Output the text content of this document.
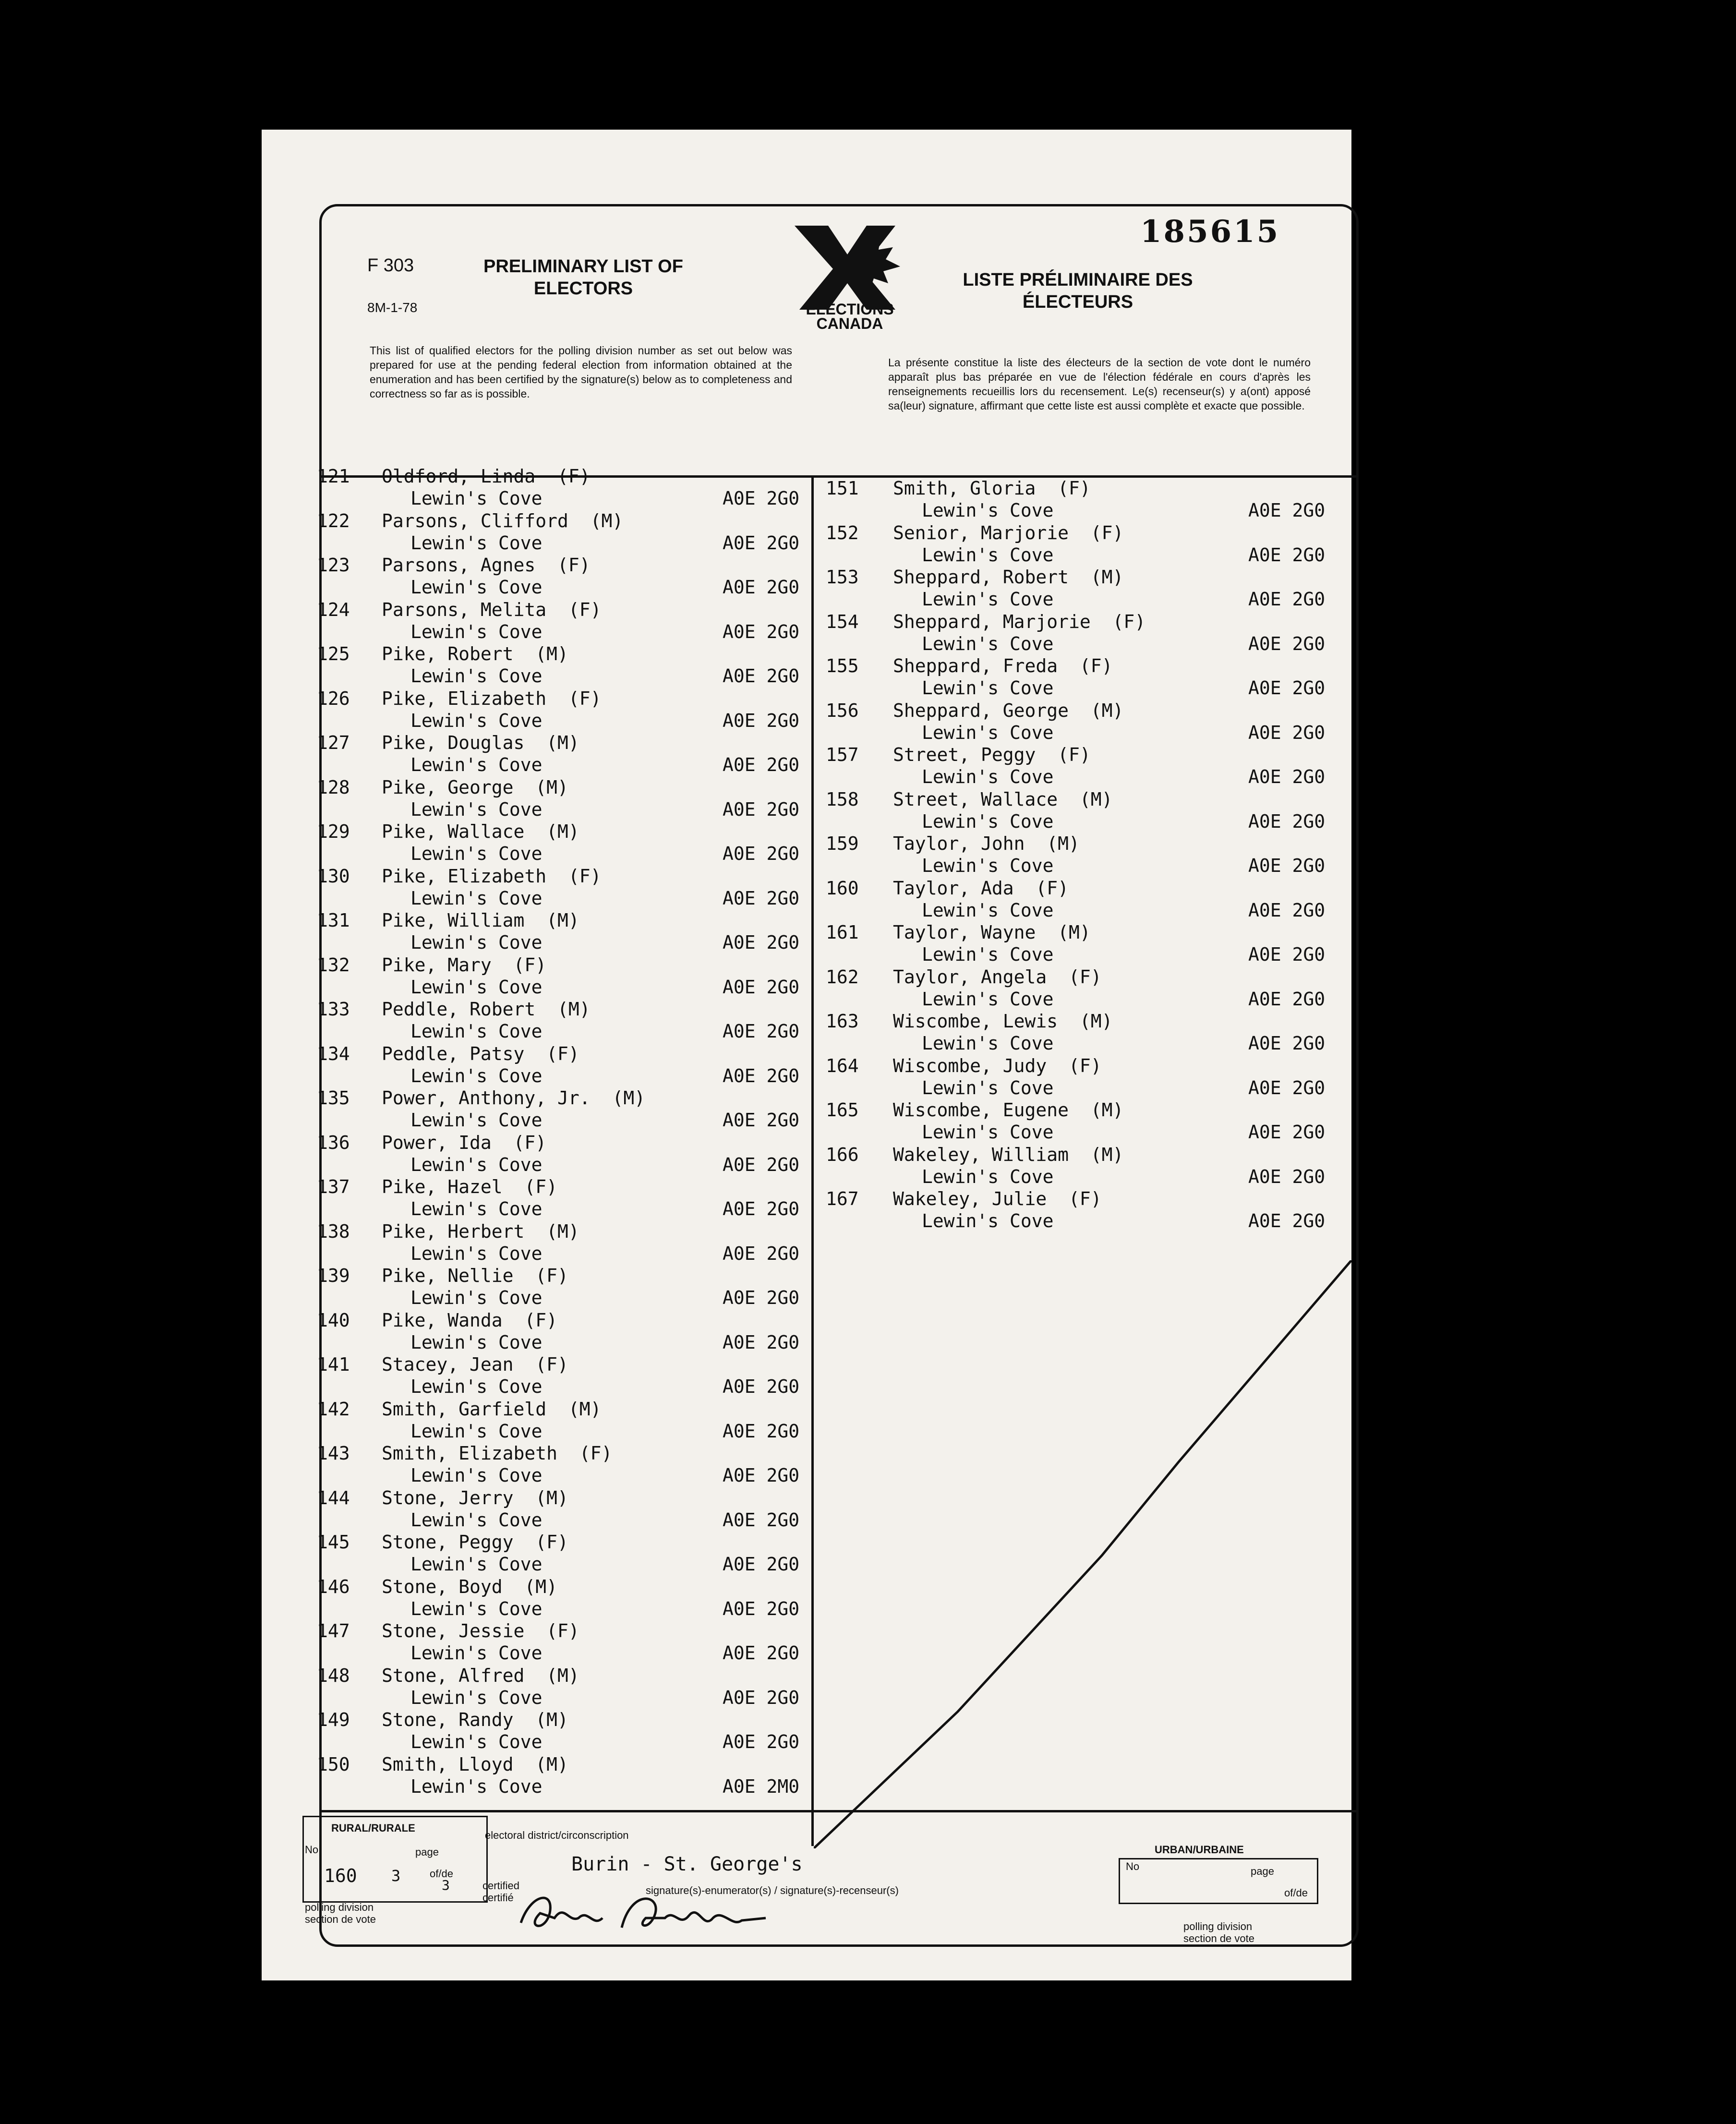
185615
F 303
8M-1-78
PRELIMINARY LIST OF ELECTORS	LISTE PRÉLIMINAIRE DES ÉLECTEURS
ELECTIONS
CANADA
This list of qualified electors for the polling division number as set out below was prepared for use at the pending federal election from information obtained at the enumeration and has been certified by the signature(s) below as to completeness and correctness so far as is possible.
La présente constitue la liste des électeurs de la section de vote dont le numéro apparaît plus bas préparée en vue de l'élection fédérale en cours d'après les renseignements recueillis lors du recensement. Le(s) recenseur(s) y a(ont) apposé sa(leur) signature, affirmant que cette liste est aussi complète et exacte que possible.
121 Oldford, Linda  (F)
Lewin's Cove	A0E 2G0
122 Parsons, Clifford  (M)
Lewin's Cove	A0E 2G0
123 Parsons, Agnes  (F)
Lewin's Cove	A0E 2G0
124 Parsons, Melita  (F)
Lewin's Cove	A0E 2G0
125 Pike, Robert  (M)
Lewin's Cove	A0E 2G0
126 Pike, Elizabeth  (F)
Lewin's Cove	A0E 2G0
127 Pike, Douglas  (M)
Lewin's Cove	A0E 2G0
128 Pike, George  (M)
Lewin's Cove	A0E 2G0
129 Pike, Wallace  (M)
Lewin's Cove	A0E 2G0
130 Pike, Elizabeth  (F)
Lewin's Cove	A0E 2G0
131 Pike, William  (M)
Lewin's Cove	A0E 2G0
132 Pike, Mary  (F)
Lewin's Cove	A0E 2G0
133 Peddle, Robert  (M)
Lewin's Cove	A0E 2G0
134 Peddle, Patsy  (F)
Lewin's Cove	A0E 2G0
135 Power, Anthony, Jr.  (M)
Lewin's Cove	A0E 2G0
136 Power, Ida  (F)
Lewin's Cove	A0E 2G0
137 Pike, Hazel  (F)
Lewin's Cove	A0E 2G0
138 Pike, Herbert  (M)
Lewin's Cove	A0E 2G0
139 Pike, Nellie  (F)
Lewin's Cove	A0E 2G0
140 Pike, Wanda  (F)
Lewin's Cove	A0E 2G0
141 Stacey, Jean  (F)
Lewin's Cove	A0E 2G0
142 Smith, Garfield  (M)
Lewin's Cove	A0E 2G0
143 Smith, Elizabeth  (F)
Lewin's Cove	A0E 2G0
144 Stone, Jerry  (M)
Lewin's Cove	A0E 2G0
145 Stone, Peggy  (F)
Lewin's Cove	A0E 2G0
146 Stone, Boyd  (M)
Lewin's Cove	A0E 2G0
147 Stone, Jessie  (F)
Lewin's Cove	A0E 2G0
148 Stone, Alfred  (M)
Lewin's Cove	A0E 2G0
149 Stone, Randy  (M)
Lewin's Cove	A0E 2G0
150 Smith, Lloyd  (M)
Lewin's Cove	A0E 2M0
151 Smith, Gloria  (F)
Lewin's Cove	A0E 2G0
152 Senior, Marjorie  (F)
Lewin's Cove	A0E 2G0
153 Sheppard, Robert  (M)
Lewin's Cove	A0E 2G0
154 Sheppard, Marjorie  (F)
Lewin's Cove	A0E 2G0
155 Sheppard, Freda  (F)
Lewin's Cove	A0E 2G0
156 Sheppard, George  (M)
Lewin's Cove	A0E 2G0
157 Street, Peggy  (F)
Lewin's Cove	A0E 2G0
158 Street, Wallace  (M)
Lewin's Cove	A0E 2G0
159 Taylor, John  (M)
Lewin's Cove	A0E 2G0
160 Taylor, Ada  (F)
Lewin's Cove	A0E 2G0
161 Taylor, Wayne  (M)
Lewin's Cove	A0E 2G0
162 Taylor, Angela  (F)
Lewin's Cove	A0E 2G0
163 Wiscombe, Lewis  (M)
Lewin's Cove	A0E 2G0
164 Wiscombe, Judy  (F)
Lewin's Cove	A0E 2G0
165 Wiscombe, Eugene  (M)
Lewin's Cove	A0E 2G0
166 Wakeley, William  (M)
Lewin's Cove	A0E 2G0
167 Wakeley, Julie  (F)
Lewin's Cove	A0E 2G0
RURAL/RURALE
No	page
of/de
160 3
3
polling division
section de vote
electoral district/circonscription
Burin - St. George's
certified
certifié
signature(s)-enumerator(s) / signature(s)-recenseur(s)
URBAN/URBAINE
No	page
of/de
polling division
section de vote
